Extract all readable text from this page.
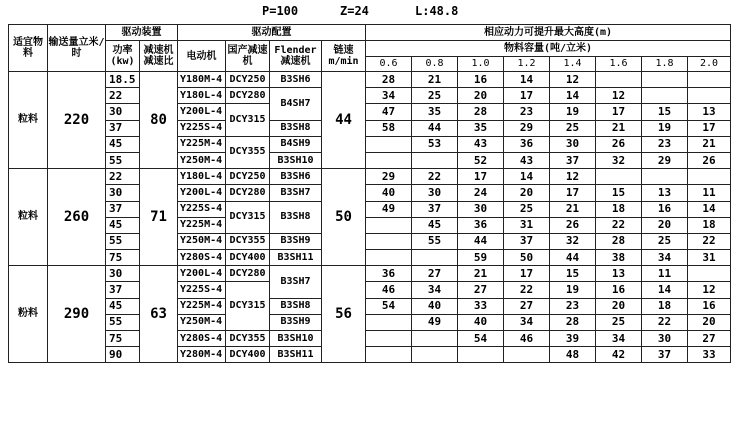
P=100	Z=24	L:48.8
适宜物料	输送量立米/时	驱动装置		驱动配置				相应动力可提升最大高度(m)							
		功率(kw)	减速机减速比	电动机	国产减速机	Flender减速机	链速m/min	物料容量(吨/立米)							
								0.6	0.8	1.0	1.2	1.4	1.6	1.8	2.0
粒料	220	18.5	80	Y180M-4	DCY250	B3SH6	44	28	21	16	14	12			
		22		Y180L-4	DCY280	B4SH7		34	25	20	17	14	12		
		30		Y200L-4	DCY315			47	35	28	23	19	17	15	13
		37		Y225S-4		B3SH8		58	44	35	29	25	21	19	17
		45		Y225M-4	DCY355	B4SH9			53	43	36	30	26	23	21
		55		Y250M-4		B3SH10				52	43	37	32	29	26
粒料	260	22	71	Y180L-4	DCY250	B3SH6	50	29	22	17	14	12			
		30		Y200L-4	DCY280	B3SH7		40	30	24	20	17	15	13	11
		37		Y225S-4	DCY315	B3SH8		49	37	30	25	21	18	16	14
		45		Y225M-4					45	36	31	26	22	20	18
		55		Y250M-4	DCY355	B3SH9			55	44	37	32	28	25	22
		75		Y280S-4	DCY400	B3SH11				59	50	44	38	34	31
粉料	290	30	63	Y200L-4	DCY280	B3SH7	56	36	27	21	17	15	13	11	
		37		Y225S-4	DCY315			46	34	27	22	19	16	14	12
		45		Y225M-4		B3SH8		54	40	33	27	23	20	18	16
		55		Y250M-4		B3SH9			49	40	34	28	25	22	20
		75		Y280S-4	DCY355	B3SH10				54	46	39	34	30	27
		90		Y280M-4	DCY400	B3SH11						48	42	37	33
